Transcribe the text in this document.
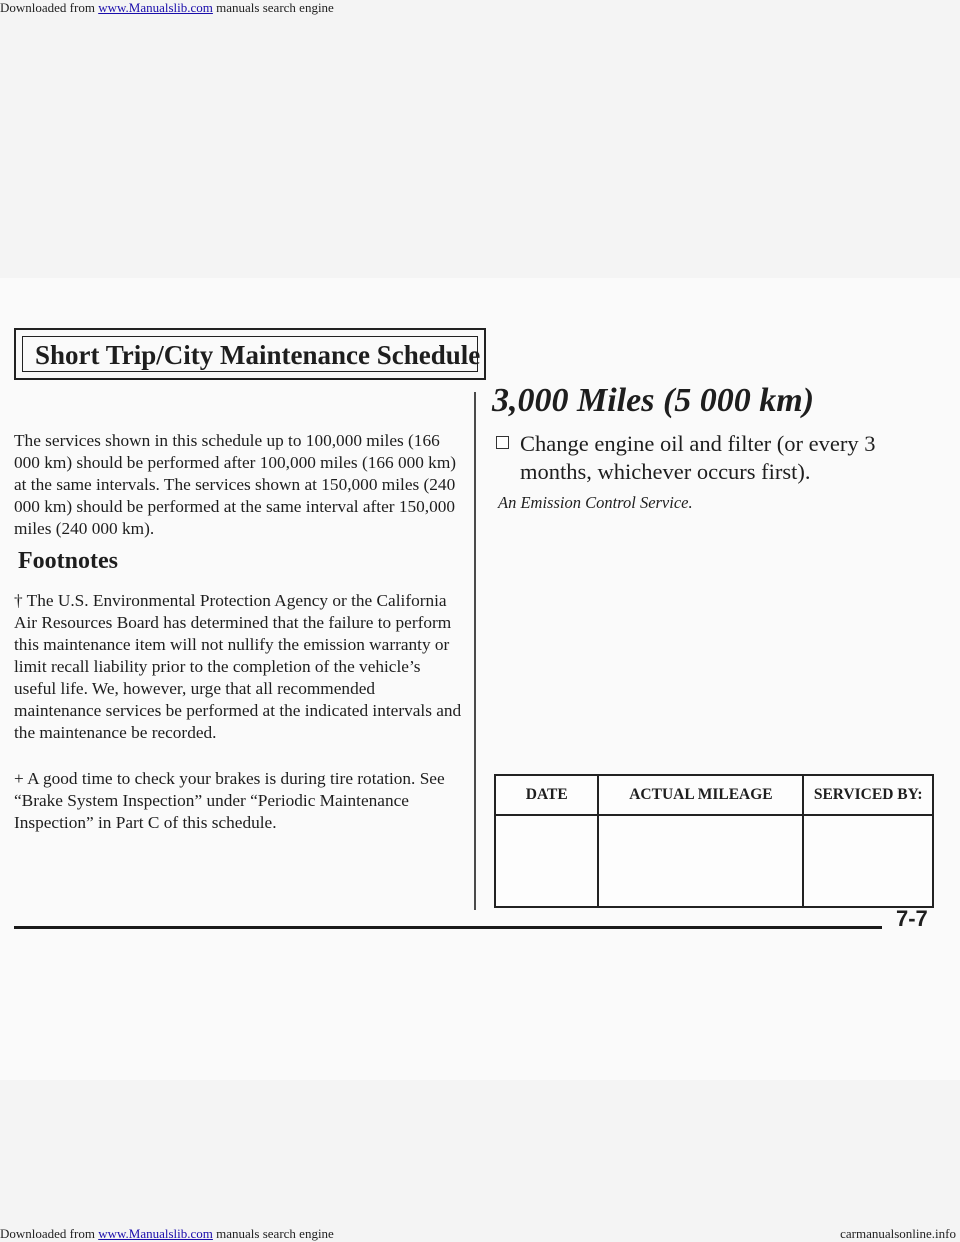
Downloaded from www.Manualslib.com manuals search engine
Short Trip/City Maintenance Schedule

The services shown in this schedule up to 100,000 miles (166 000 km) should be performed after 100,000 miles (166 000 km) at the same intervals. The services shown at 150,000 miles (240 000 km) should be performed at the same interval after 150,000 miles (240 000 km).

Footnotes

† The U.S. Environmental Protection Agency or the California Air Resources Board has determined that the failure to perform this maintenance item will not nullify the emission warranty or limit recall liability prior to the completion of the vehicle’s useful life. We, however, urge that all recommended maintenance services be performed at the indicated intervals and the maintenance be recorded.

+ A good time to check your brakes is during tire rotation. See “Brake System Inspection” under “Periodic Maintenance Inspection” in Part C of this schedule.

3,000 Miles (5 000 km)

Change engine oil and filter (or every 3 months, whichever occurs first).

An Emission Control Service.

DATE	ACTUAL MILEAGE	SERVICED BY:

7-7

Downloaded from www.Manualslib.com manuals search engine	carmanualsonline.info
